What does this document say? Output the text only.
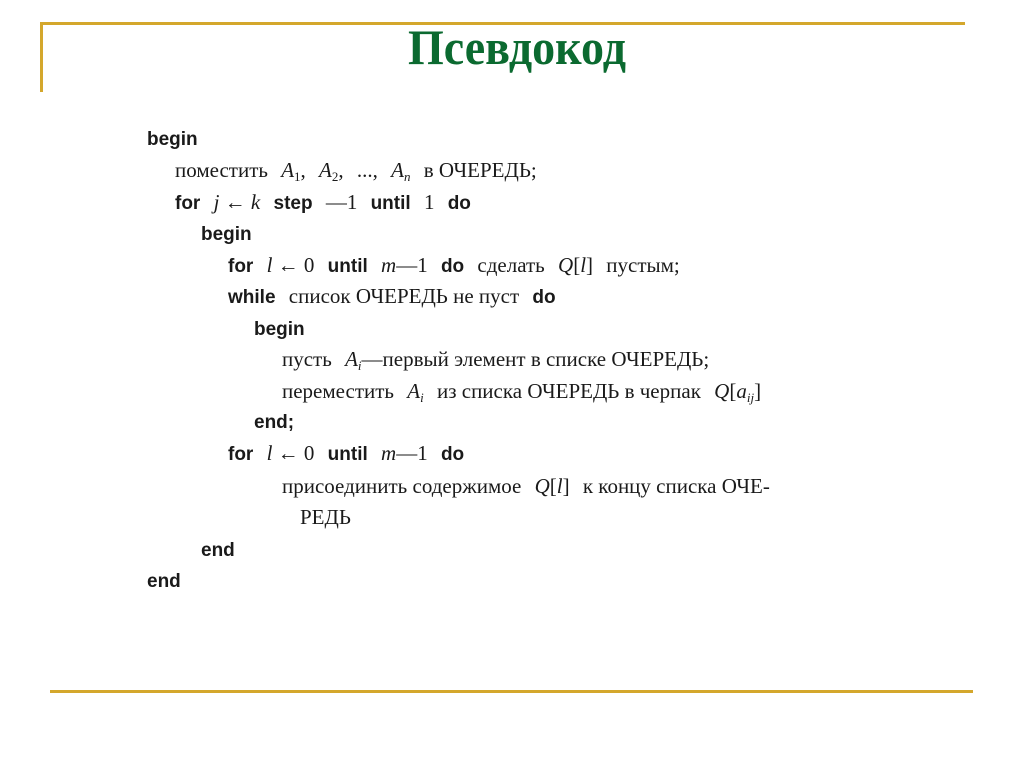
Псевдокод
begin
поместить $A_1$, $A_2$, ..., $A_n$ в ОЧЕРЕДЬ;
for j ← k step —1 until 1 do
begin
for l ← 0 until m—1 do сделать Q[l] пустым;
while список ОЧЕРЕДЬ не пуст do
begin
пусть $A_i—первый$ элемент в списке ОЧЕРЕДЬ;
переместить $A_i$ из списка ОЧЕРЕДЬ в черпак $Q[a_{ij}]$
end;
for l ← 0 until m—1 do
присоединить содержимое Q[l] к концу списка ОЧЕ-
РЕДЬ
end
end
